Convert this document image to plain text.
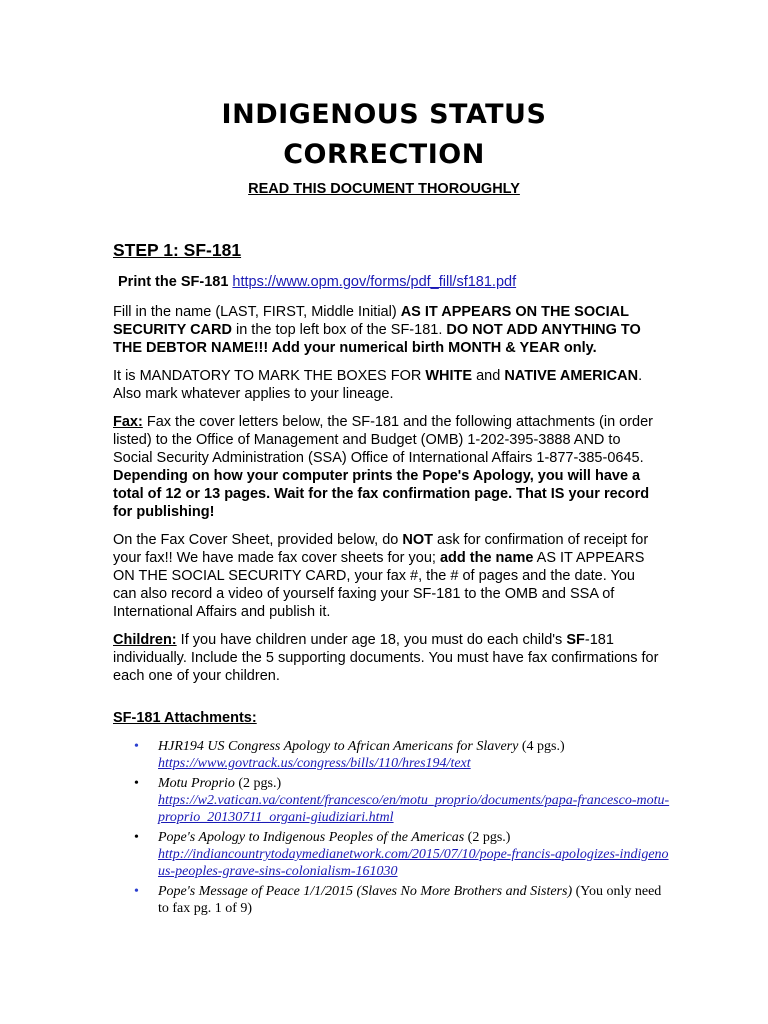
INDIGENOUS STATUS
CORRECTION

READ THIS DOCUMENT THOROUGHLY

STEP 1: SF-181

Print the SF-181 https://www.opm.gov/forms/pdf_fill/sf181.pdf

Fill in the name (LAST, FIRST, Middle Initial) AS IT APPEARS ON THE SOCIAL SECURITY CARD in the top left box of the SF-181. DO NOT ADD ANYTHING TO THE DEBTOR NAME!!! Add your numerical birth MONTH & YEAR only.

It is MANDATORY TO MARK THE BOXES FOR WHITE and NATIVE AMERICAN. Also mark whatever applies to your lineage.

Fax: Fax the cover letters below, the SF-181 and the following attachments (in order listed) to the Office of Management and Budget (OMB) 1-202-395-3888 AND to Social Security Administration (SSA) Office of International Affairs 1-877-385-0645. Depending on how your computer prints the Pope's Apology, you will have a total of 12 or 13 pages. Wait for the fax confirmation page. That IS your record for publishing!

On the Fax Cover Sheet, provided below, do NOT ask for confirmation of receipt for your fax!! We have made fax cover sheets for you; add the name AS IT APPEARS ON THE SOCIAL SECURITY CARD, your fax #, the # of pages and the date. You can also record a video of yourself faxing your SF-181 to the OMB and SSA of International Affairs and publish it.

Children: If you have children under age 18, you must do each child's SF-181 individually. Include the 5 supporting documents. You must have fax confirmations for each one of your children.

SF-181 Attachments:
• HJR194 US Congress Apology to African Americans for Slavery (4 pgs.)
https://www.govtrack.us/congress/bills/110/hres194/text
• Motu Proprio (2 pgs.)
https://w2.vatican.va/content/francesco/en/motu_proprio/documents/papa-francesco-motu-proprio_20130711_organi-giudiziari.html
• Pope's Apology to Indigenous Peoples of the Americas (2 pgs.)
http://indiancountrytodaymedianetwork.com/2015/07/10/pope-francis-apologizes-indigenous-peoples-grave-sins-colonialism-161030
• Pope's Message of Peace 1/1/2015 (Slaves No More Brothers and Sisters) (You only need to fax pg. 1 of 9)
